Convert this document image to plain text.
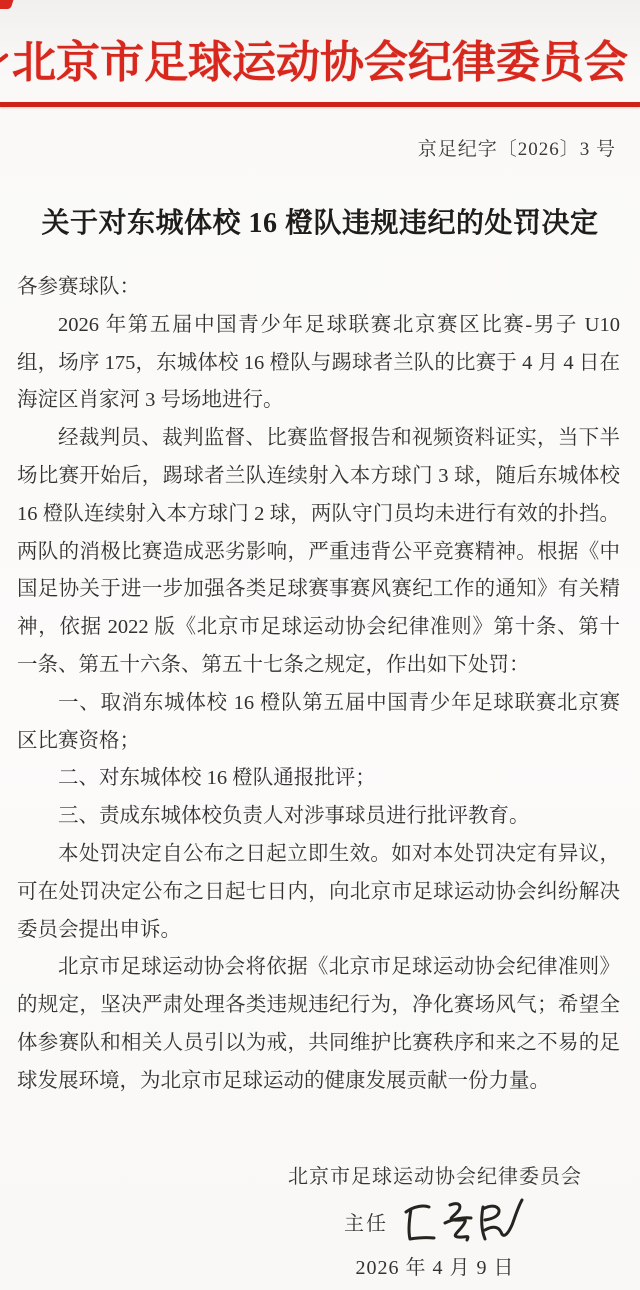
北京市足球运动协会纪律委员会
京足纪字〔2026〕3 号
关于对东城体校 16 橙队违规违纪的处罚决定

各参赛球队：

2026 年第五届中国青少年足球联赛北京赛区比赛-男子 U10 组，场序 175，东城体校 16 橙队与踢球者兰队的比赛于 4 月 4 日在海淀区肖家河 3 号场地进行。

经裁判员、裁判监督、比赛监督报告和视频资料证实，当下半场比赛开始后，踢球者兰队连续射入本方球门 3 球，随后东城体校 16 橙队连续射入本方球门 2 球，两队守门员均未进行有效的扑挡。两队的消极比赛造成恶劣影响，严重违背公平竞赛精神。根据《中国足协关于进一步加强各类足球赛事赛风赛纪工作的通知》有关精神，依据 2022 版《北京市足球运动协会纪律准则》第十条、第十一条、第五十六条、第五十七条之规定，作出如下处罚：

一、取消东城体校 16 橙队第五届中国青少年足球联赛北京赛区比赛资格；

二、对东城体校 16 橙队通报批评；

三、责成东城体校负责人对涉事球员进行批评教育。

本处罚决定自公布之日起立即生效。如对本处罚决定有异议，可在处罚决定公布之日起七日内，向北京市足球运动协会纠纷解决委员会提出申诉。

北京市足球运动协会将依据《北京市足球运动协会纪律准则》的规定，坚决严肃处理各类违规违纪行为，净化赛场风气；希望全体参赛队和相关人员引以为戒，共同维护比赛秩序和来之不易的足球发展环境，为北京市足球运动的健康发展贡献一份力量。

北京市足球运动协会纪律委员会
主任
2026 年 4 月 9 日
